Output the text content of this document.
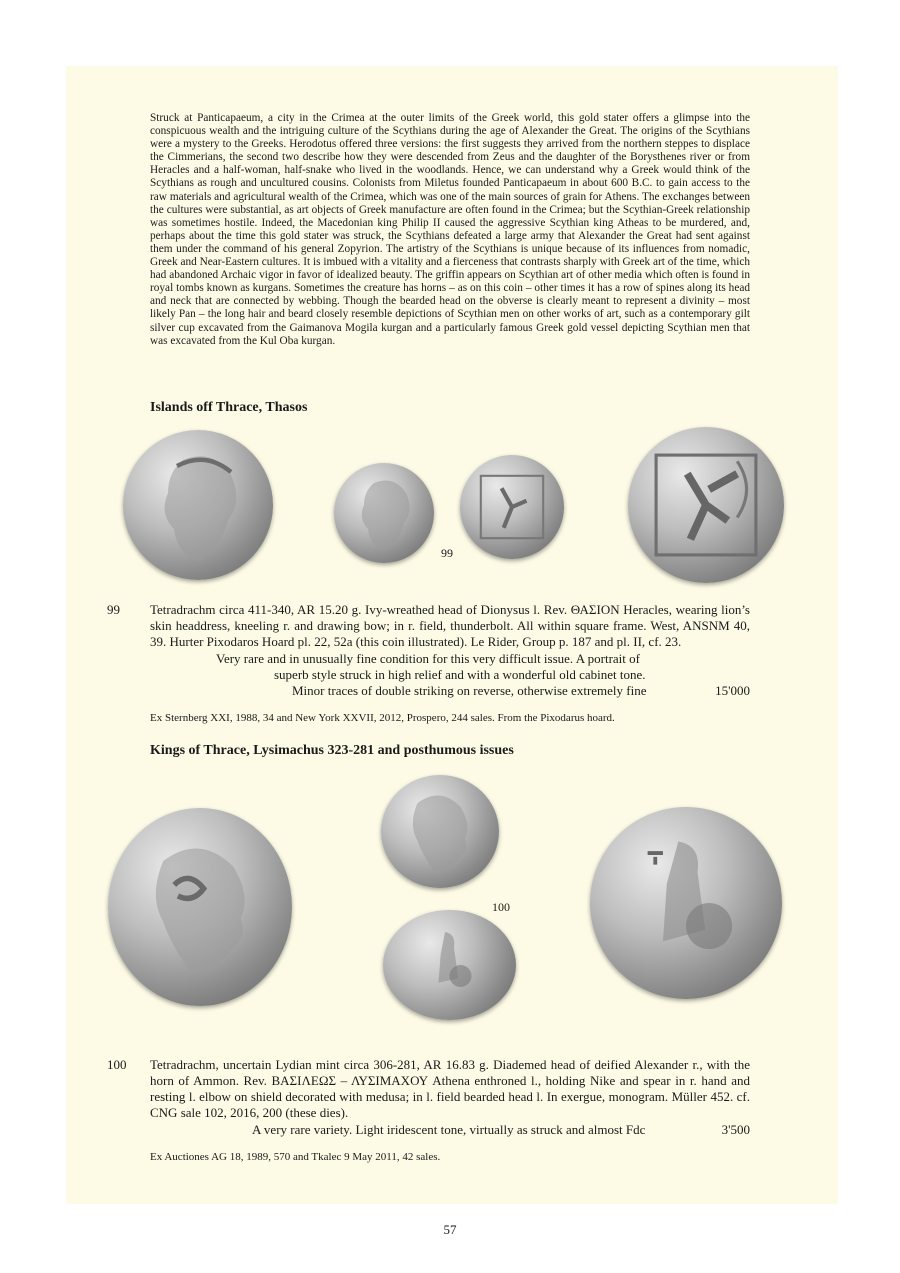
Struck at Panticapaeum, a city in the Crimea at the outer limits of the Greek world, this gold stater offers a glimpse into the conspicuous wealth and the intriguing culture of the Scythians during the age of Alexander the Great. The origins of the Scythians were a mystery to the Greeks. Herodotus offered three versions: the first suggests they arrived from the northern steppes to displace the Cimmerians, the second two describe how they were descended from Zeus and the daughter of the Borysthenes river or from Heracles and a half-woman, half-snake who lived in the woodlands. Hence, we can understand why a Greek would think of the Scythians as rough and uncultured cousins. Colonists from Miletus founded Panticapaeum in about 600 B.C. to gain access to the raw materials and agricultural wealth of the Crimea, which was one of the main sources of grain for Athens. The exchanges between the cultures were substantial, as art objects of Greek manufacture are often found in the Crimea; but the Scythian-Greek relationship was sometimes hostile. Indeed, the Macedonian king Philip II caused the aggressive Scythian king Atheas to be murdered, and, perhaps about the time this gold stater was struck, the Scythians defeated a large army that Alexander the Great had sent against them under the command of his general Zopyrion. The artistry of the Scythians is unique because of its influences from nomadic, Greek and Near-Eastern cultures. It is imbued with a vitality and a fierceness that contrasts sharply with Greek art of the time, which had abandoned Archaic vigor in favor of idealized beauty. The griffin appears on Scythian art of other media which often is found in royal tombs known as kurgans. Sometimes the creature has horns – as on this coin – other times it has a row of spines along its head and neck that are connected by webbing. Though the bearded head on the obverse is clearly meant to represent a divinity – most likely Pan – the long hair and beard closely resemble depictions of Scythian men on other works of art, such as a contemporary gilt silver cup excavated from the Gaimanova Mogila kurgan and a particularly famous Greek gold vessel depicting Scythian men that was excavated from the Kul Oba kurgan.
Islands off Thrace, Thasos
99
99 Tetradrachm circa 411-340, AR 15.20 g. Ivy-wreathed head of Dionysus l. Rev. ΘΑΣΙΟΝ Heracles, wearing lion’s skin headdress, kneeling r. and drawing bow; in r. field, thunderbolt. All within square frame. West, ANSNM 40, 39. Hurter Pixodaros Hoard pl. 22, 52a (this coin illustrated). Le Rider, Group p. 187 and pl. II, cf. 23.
Very rare and in unusually fine condition for this very difficult issue. A portrait of
superb style struck in high relief and with a wonderful old cabinet tone.
Minor traces of double striking on reverse, otherwise extremely fine	15'000
Ex Sternberg XXI, 1988, 34 and New York XXVII, 2012, Prospero, 244 sales. From the Pixodarus hoard.
Kings of Thrace, Lysimachus 323-281 and posthumous issues
100
100 Tetradrachm, uncertain Lydian mint circa 306-281, AR 16.83 g. Diademed head of deified Alexander r., with the horn of Ammon. Rev. ΒΑΣΙΛΕΩΣ – ΛΥΣΙΜΑΧΟΥ Athena enthroned l., holding Nike and spear in r. hand and resting l. elbow on shield decorated with medusa; in l. field bearded head l. In exergue, monogram. Müller 452. cf. CNG sale 102, 2016, 200 (these dies).
A very rare variety. Light iridescent tone, virtually as struck and almost Fdc	3'500
Ex Auctiones AG 18, 1989, 570 and Tkalec 9 May 2011, 42 sales.
57
